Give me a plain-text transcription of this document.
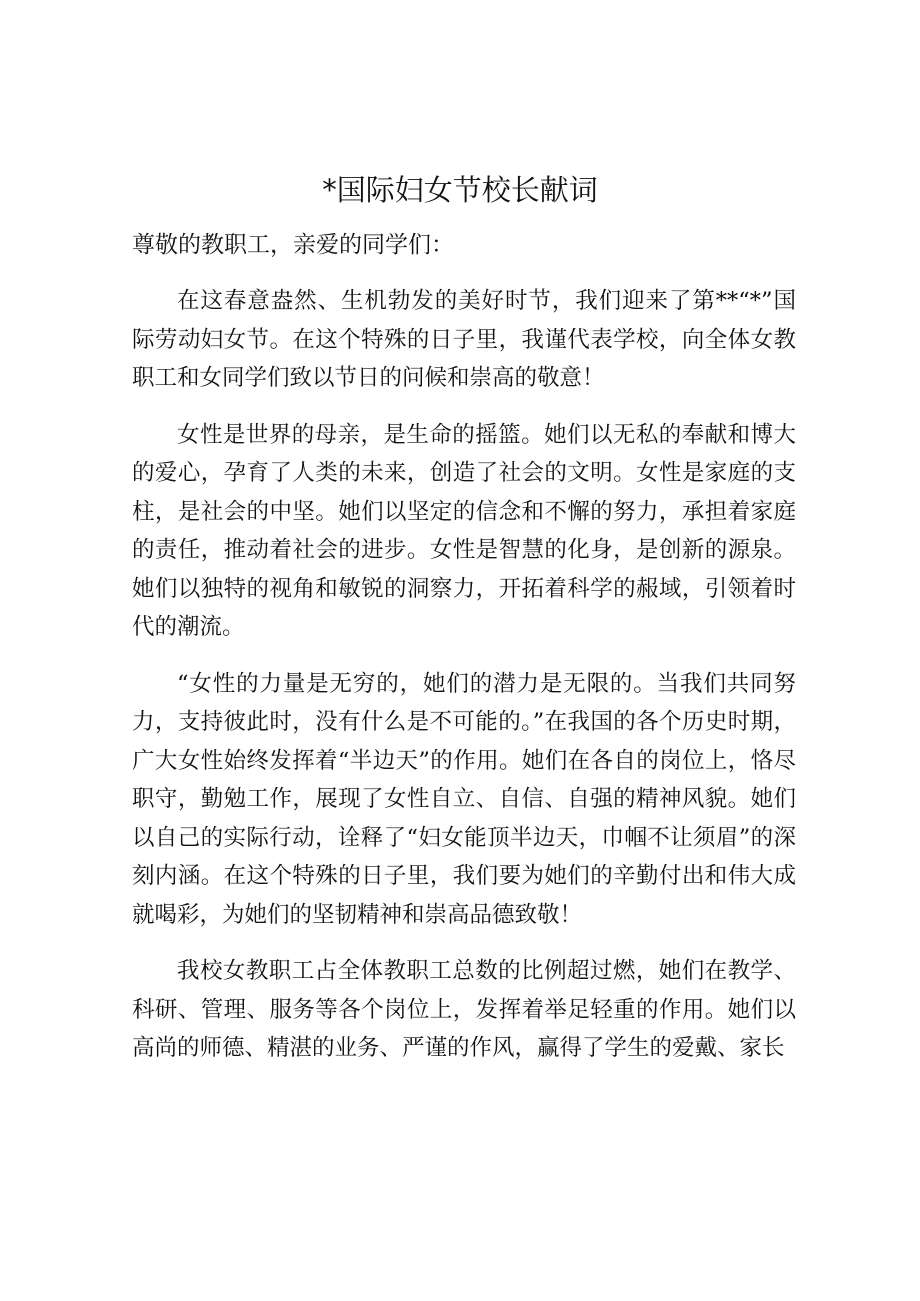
*国际妇女节校长献词

尊敬的教职工，亲爱的同学们：

在这春意盎然、生机勃发的美好时节，我们迎来了第**“*”国际劳动妇女节。在这个特殊的日子里，我谨代表学校，向全体女教职工和女同学们致以节日的问候和崇高的敬意！

女性是世界的母亲，是生命的摇篮。她们以无私的奉献和博大的爱心，孕育了人类的未来，创造了社会的文明。女性是家庭的支柱，是社会的中坚。她们以坚定的信念和不懈的努力，承担着家庭的责任，推动着社会的进步。女性是智慧的化身，是创新的源泉。她们以独特的视角和敏锐的洞察力，开拓着科学的赧域，引领着时代的潮流。

“女性的力量是无穷的，她们的潜力是无限的。当我们共同努力，支持彼此时，没有什么是不可能的。”在我国的各个历史时期，广大女性始终发挥着“半边天”的作用。她们在各自的岗位上，恪尽职守，勤勉工作，展现了女性自立、自信、自强的精神风貌。她们以自己的实际行动，诠释了“妇女能顶半边天，巾帼不让须眉”的深刻内涵。在这个特殊的日子里，我们要为她们的辛勤付出和伟大成就喝彩，为她们的坚韧精神和崇高品德致敬！

我校女教职工占全体教职工总数的比例超过燃，她们在教学、科研、管理、服务等各个岗位上，发挥着举足轻重的作用。她们以高尚的师德、精湛的业务、严谨的作风，赢得了学生的爱戴、家长
